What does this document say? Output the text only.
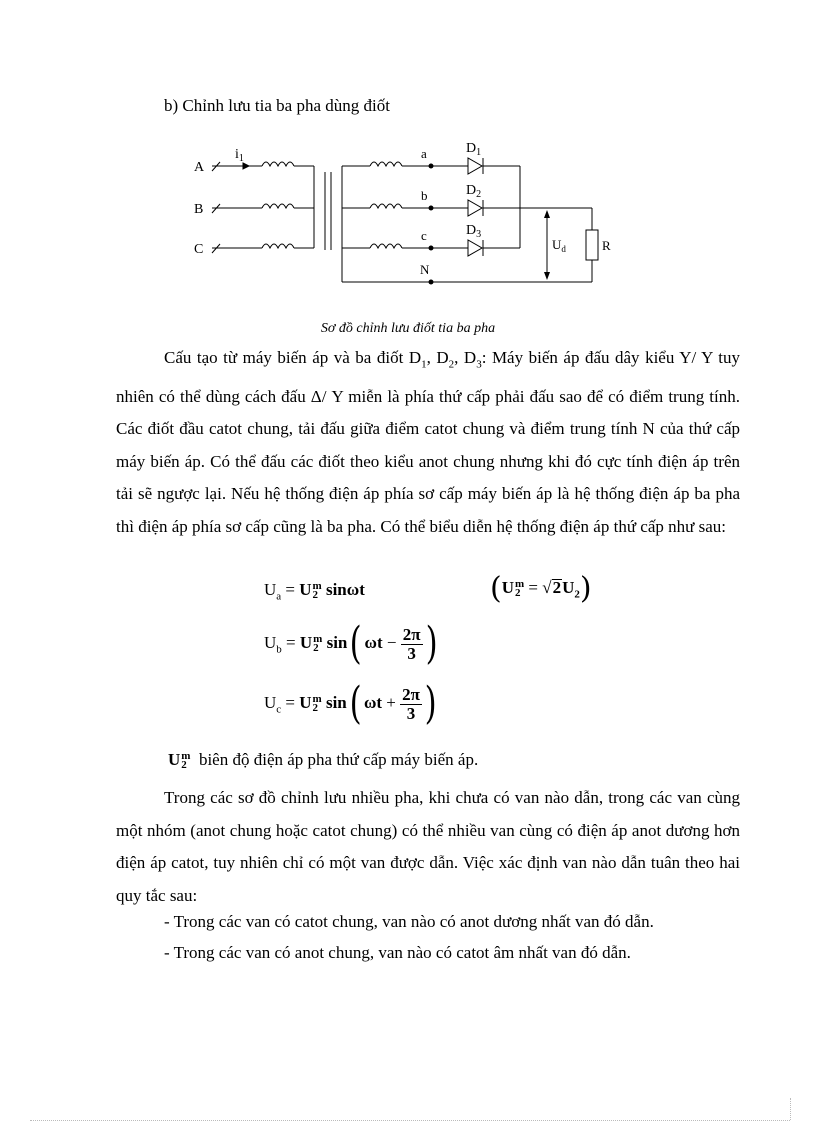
b) Chỉnh lưu tia ba pha dùng điốt
A
B
C
$i_1$	a
b
c
N
$D_1$
$D_2$
$D_3$
$U_d$	R
Sơ đồ chỉnh lưu điốt tia ba pha

Cấu tạo từ máy biến áp và ba điốt $D_1$, $D_2$, $D_3$: Máy biến áp đấu dây kiểu Y/ Y tuy nhiên có thể dùng cách đấu Δ/ Y miễn là phía thứ cấp phải đấu sao để có điểm trung tính. Các điốt đầu catot chung, tải đấu giữa điểm catot chung và điểm trung tính N của thứ cấp máy biến áp. Có thể đấu các điốt theo kiểu anot chung nhưng khi đó cực tính điện áp trên tải sẽ ngược lại. Nếu hệ thống điện áp phía sơ cấp máy biến áp là hệ thống điện áp ba pha thì điện áp phía sơ cấp cũng là ba pha. Có thể biểu diễn hệ thống điện áp thứ cấp như sau:

$U_a = U$ m
2 sinωt	(U m
$2 = √2U_2$)
$U_b = U$ m
2 sin( $\omega t - \frac{2\pi}{3}$ )
$U_c = U$ m
2 sin( $\omega t + \frac{2\pi}{3}$ )
U m
2 biên độ điện áp pha thứ cấp máy biến áp.

Trong các sơ đồ chỉnh lưu nhiều pha, khi chưa có van nào dẫn, trong các van cùng một nhóm (anot chung hoặc catot chung) có thể nhiều van cùng có điện áp anot dương hơn điện áp catot, tuy nhiên chỉ có một van được dẫn. Việc xác định van nào dẫn tuân theo hai quy tắc sau:

- Trong các van có catot chung, van nào có anot dương nhất van đó dẫn.
- Trong các van có anot chung, van nào có catot âm nhất van đó dẫn.
